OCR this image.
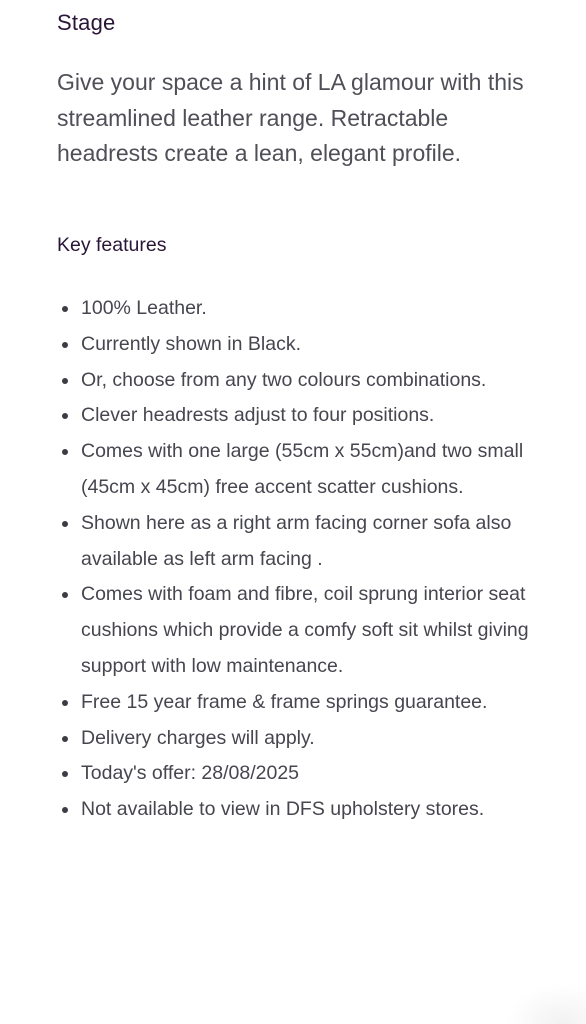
Stage

Give your space a hint of LA glamour with this streamlined leather range. Retractable headrests create a lean, elegant profile.

Key features
100% Leather.
Currently shown in Black.
Or, choose from any two colours combinations.
Clever headrests adjust to four positions.
Comes with one large (55cm x 55cm)and two small (45cm x 45cm) free accent scatter cushions.
Shown here as a right arm facing corner sofa also available as left arm facing .
Comes with foam and fibre, coil sprung interior seat cushions which provide a comfy soft sit whilst giving support with low maintenance.
Free 15 year frame & frame springs guarantee.
Delivery charges will apply.
Today's offer: 28/08/2025
Not available to view in DFS upholstery stores.
